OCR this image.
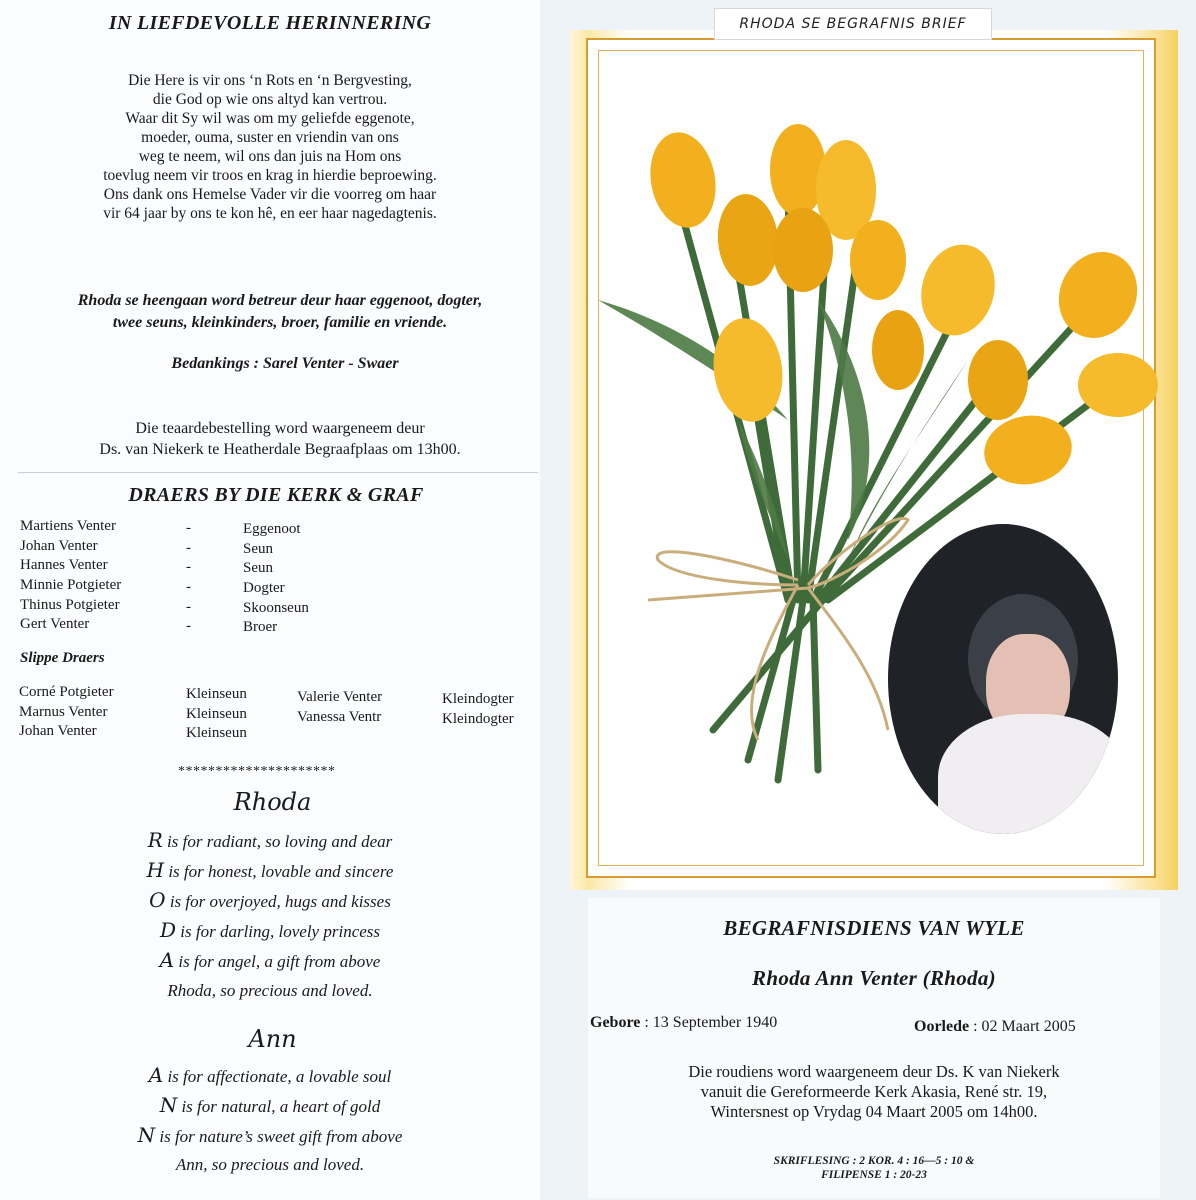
IN LIEFDEVOLLE HERINNERING
Die Here is vir ons ‘n Rots en ‘n Bergvesting,
die God op wie ons altyd kan vertrou.
Waar dit Sy wil was om my geliefde eggenote,
moeder, ouma, suster en vriendin van ons
weg te neem, wil ons dan juis na Hom ons
toevlug neem vir troos en krag in hierdie beproewing.
Ons dank ons Hemelse Vader vir die voorreg om haar
vir 64 jaar by ons te kon hê, en eer haar nagedagtenis.
Rhoda se heengaan word betreur deur haar eggenoot, dogter,
twee seuns, kleinkinders, broer, familie en vriende.
Bedankings : Sarel Venter - Swaer
Die teaardebestelling word waargeneem deur
Ds. van Niekerk te Heatherdale Begraafplaas om 13h00.
DRAERS BY DIE KERK & GRAF
Martiens Venter	-	Eggenoot
Johan Venter	-	Seun
Hannes Venter	-	Seun
Minnie Potgieter	-	Dogter
Thinus Potgieter	-	Skoonseun
Gert Venter	-	Broer
Slippe Draers
Corné Potgieter	Kleinseun
Marnus Venter	Kleinseun
Johan Venter	Kleinseun
Valerie Venter	Kleindogter
Vanessa Ventr	Kleindogter
*********************
Rhoda
R is for radiant, so loving and dear
H is for honest, lovable and sincere
O is for overjoyed, hugs and kisses
D is for darling, lovely princess
A is for angel, a gift from above
Rhoda, so precious and loved.
Ann
A is for affectionate, a lovable soul
N is for natural, a heart of gold
N is for nature’s sweet gift from above
Ann, so precious and loved.
RHODA SE BEGRAFNIS BRIEF
BEGRAFNISDIENS VAN WYLE
Rhoda Ann Venter (Rhoda)
Gebore : 13 September 1940	Oorlede : 02 Maart 2005
Die roudiens word waargeneem deur Ds. K van Niekerk
vanuit die Gereformeerde Kerk Akasia, René str. 19,
Wintersnest op Vrydag 04 Maart 2005 om 14h00.
SKRIFLESING : 2 KOR. 4 : 16—5 : 10 &
FILIPENSE 1 : 20-23
